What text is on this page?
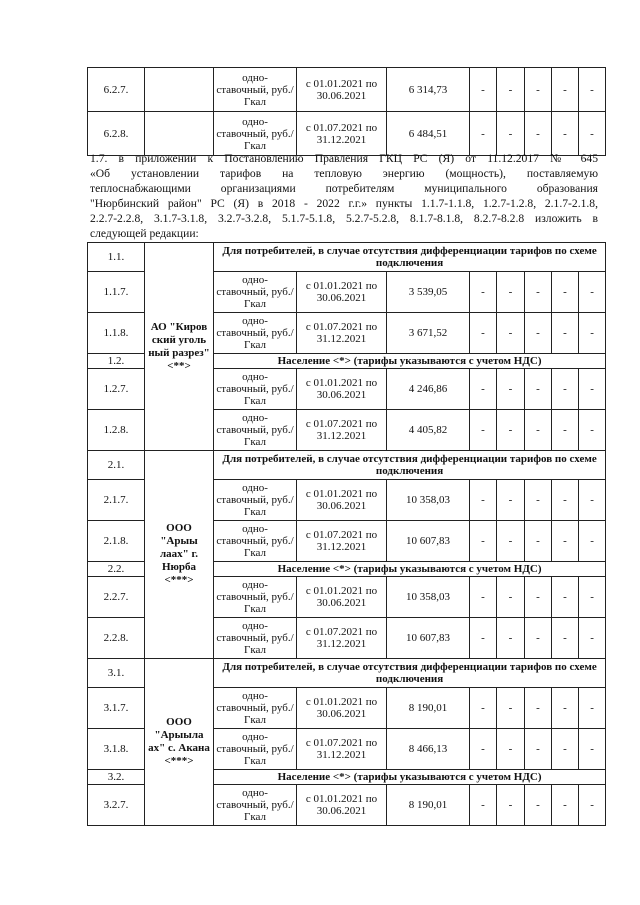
6.2.7.		одно-ставочный, руб./Гкал	с 01.01.2021 по 30.06.2021	6 314,73	-	-	-	-	-
6.2.8.		одно-ставочный, руб./Гкал	с 01.07.2021 по 31.12.2021	6 484,51	-	-	-	-	-
1.7. в приложении к Постановлению Правления ГКЦ РС (Я) от 11.12.2017 № 645
«Об установлении тарифов на тепловую энергию (мощность), поставляемую
теплоснабжающими организациями потребителям муниципального образования
"Нюрбинский район" РС (Я) в 2018 - 2022 г.г.» пункты 1.1.7-1.1.8, 1.2.7-1.2.8, 2.1.7-2.1.8,
2.2.7-2.2.8, 3.1.7-3.1.8, 3.2.7-3.2.8, 5.1.7-5.1.8, 5.2.7-5.2.8, 8.1.7-8.1.8, 8.2.7-8.2.8 изложить в
следующей редакции:
1.1.	АО "Киров ский уголь ный разрез" <**>	Для потребителей, в случае отсутствия дифференциации тарифов по схеме подключения							
1.1.7.		одно-ставочный, руб./Гкал	с 01.01.2021 по 30.06.2021	3 539,05	-	-	-	-	-
1.1.8.		одно-ставочный, руб./Гкал	с 01.07.2021 по 31.12.2021	3 671,52	-	-	-	-	-
1.2.		Население <*> (тарифы указываются с учетом НДС)							
1.2.7.		одно-ставочный, руб./Гкал	с 01.01.2021 по 30.06.2021	4 246,86	-	-	-	-	-
1.2.8.		одно-ставочный, руб./Гкал	с 01.07.2021 по 31.12.2021	4 405,82	-	-	-	-	-
2.1.	ООО "Арыы лаах" г. Нюрба <***>	Для потребителей, в случае отсутствия дифференциации тарифов по схеме подключения							
2.1.7.		одно-ставочный, руб./Гкал	с 01.01.2021 по 30.06.2021	10 358,03	-	-	-	-	-
2.1.8.		одно-ставочный, руб./Гкал	с 01.07.2021 по 31.12.2021	10 607,83	-	-	-	-	-
2.2.		Население <*> (тарифы указываются с учетом НДС)							
2.2.7.		одно-ставочный, руб./Гкал	с 01.01.2021 по 30.06.2021	10 358,03	-	-	-	-	-
2.2.8.		одно-ставочный, руб./Гкал	с 01.07.2021 по 31.12.2021	10 607,83	-	-	-	-	-
3.1.	ООО "Арыылa ах" с. Акана <***>	Для потребителей, в случае отсутствия дифференциации тарифов по схеме подключения							
3.1.7.		одно-ставочный, руб./Гкал	с 01.01.2021 по 30.06.2021	8 190,01	-	-	-	-	-
3.1.8.		одно-ставочный, руб./Гкал	с 01.07.2021 по 31.12.2021	8 466,13	-	-	-	-	-
3.2.		Население <*> (тарифы указываются с учетом НДС)							
3.2.7.		одно-ставочный, руб./Гкал	с 01.01.2021 по 30.06.2021	8 190,01	-	-	-	-	-
